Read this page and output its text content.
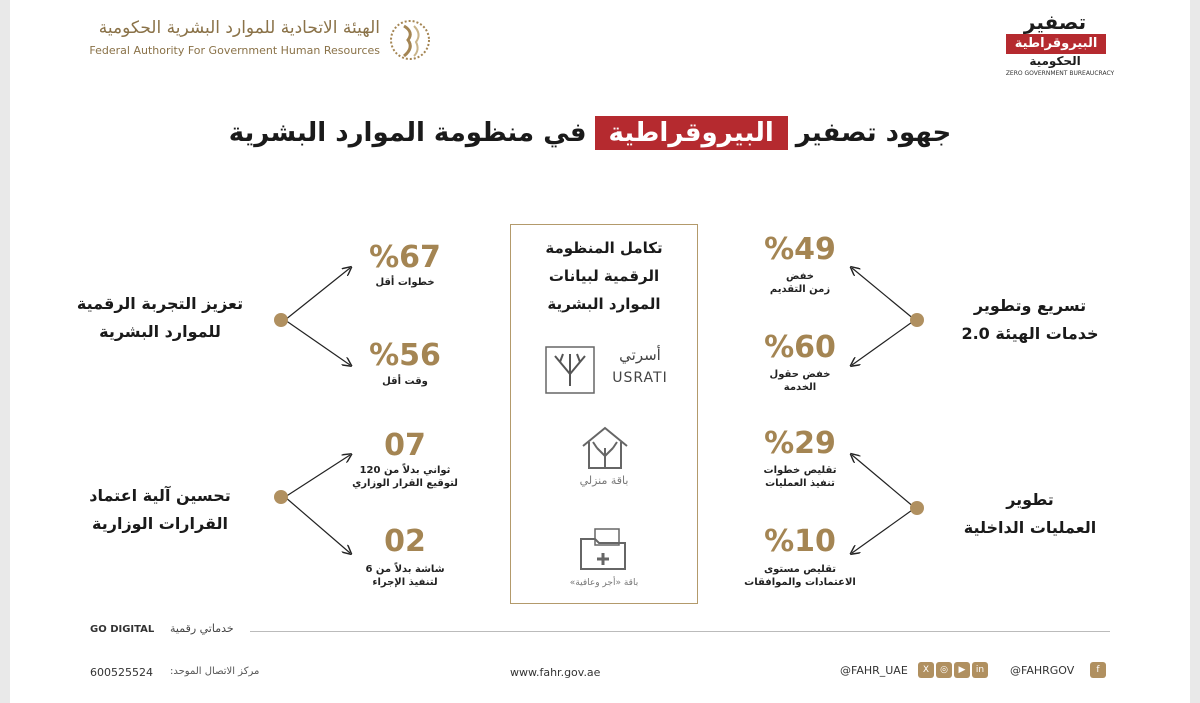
الهيئة الاتحادية للموارد البشرية الحكومية
Federal Authority For Government Human Resources
تصفير
البيروقراطية
الحكومية
ZERO GOVERNMENT BUREAUCRACY
جهود تصفيرالبيروقراطيةفي منظومة الموارد البشرية
تعزيز التجربة الرقمية
للموارد البشرية
%67
خطوات أقل
%56
وقت أقل
تحسين آلية اعتماد
القرارات الوزارية
07
ثواني بدلاً من 120
لتوقيع القرار الوزاري
02
شاشة بدلاً من 6
لتنفيذ الإجراء
تكامل المنظومة
الرقمية لبيانات
الموارد البشرية
أسرتي
USRATI
باقة منزلي
باقة «أجر وعافية»
تسريع وتطوير
خدمات الهيئة 2.0
%49
خفض
زمن التقديم
%60
خفض حقول
الخدمة
تطوير
العمليات الداخلية
%29
تقليص خطوات
تنفيذ العمليات
%10
تقليص مستوى
الاعتمادات والموافقات
GO DIGITAL خدماتي رقمية
600525524 مركز الاتصال الموحد:	www.fahr.gov.ae	@FAHR_UAE	X	◎	▶	in	@FAHRGOV	f
